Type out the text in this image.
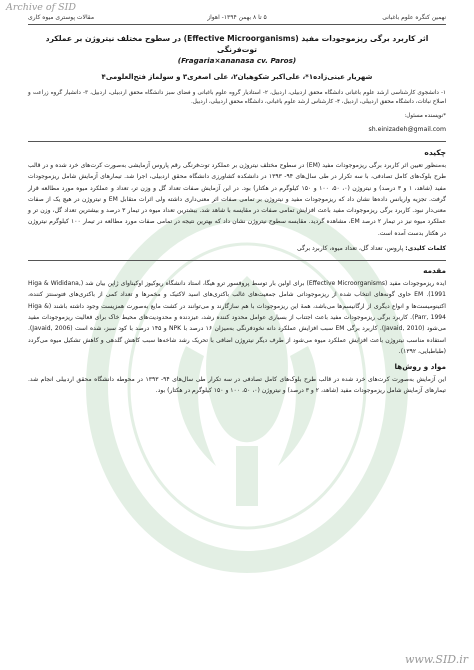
Archive of SID
نهمین کنگره علوم باغبانی
۵ تا ۸ بهمن ۱۳۹۴- اهواز
مقالات پوستری میوه کاری
اثر کاربرد برگی ریزموجودات مفید (Effective Microorganisms) در سطوح مختلف نیتروژن بر عملکرد توت‌فرنگی
(Fragaria×ananasa cv. Paros)
شهریار عینی‌زاده۱*، علی‌اکبر شکوهیان۲، علی اصغری۳ و سولماز فتح‌العلومی۴
۱- دانشجوی کارشناسی ارشد علوم باغبانی دانشگاه محقق اردبیلی، اردبیل، ۲- استادیار گروه علوم باغبانی و فضای سبز دانشگاه محقق اردبیلی، اردبیل، ۳- دانشیار گروه زراعت و اصلاح نباتات، دانشگاه محقق اردبیلی، اردبیل، ۴- کارشناس ارشد علوم باغبانی، دانشگاه محقق اردبیلی، اردبیل.
*نویسنده مسئول:
sh.einizadeh@gmail.com
چکیده
به‌منظور تعیین اثر کاربرد برگی ریزموجودات مفید (EM) در سطوح مختلف نیتروژن بر عملکرد توت‌فرنگی رقم پاروس آزمایشی به‌صورت کرت‌های خرد شده و در قالب طرح بلوک‌های کامل تصادفی، با سه تکرار در طی سال‌های ۹۴- ۱۳۹۳ در دانشکده کشاورزی دانشگاه محقق اردبیلی، اجرا شد. تیمارهای آزمایش شامل ریزموجودات مفید (شاهد، ۱ و ۳ درصد) و نیتروژن (۰، ۵۰، ۱۰۰ و ۱۵۰ کیلوگرم در هکتار) بود. در این آزمایش صفات تعداد گل و وزن تر، تعداد و عملکرد میوه مورد مطالعه قرار گرفت. تجزیه واریانس داده‌ها نشان داد که ریزموجودات مفید و نیتروژن بر تمامی صفات اثر معنی‌داری داشته ولی اثرات متقابل EM و نیتروژن در هیچ یک از صفات معنی‌دار نبود. کاربرد برگی ریزموجودات مفید باعث افزایش تمامی صفات در مقایسه با شاهد شد. بیشترین تعداد میوه در تیمار ۳ درصد و بیشترین تعداد گل، وزن تر و عملکرد میوه نیز در تیمار ۲ درصد EM، مشاهده گردید. مقایسه سطوح نیتروژن نشان داد که بهترین نتیجه در تمامی صفات مورد مطالعه در تیمار ۱۰۰ کیلوگرم نیتروژن در هکتار بدست آمده است.
کلمات کلیدی: پاروس، تعداد گل، تعداد میوه، کاربرد برگی
مقدمه
ایده ریزموجودات مفید (Effective Microorganisms) برای اولین بار توسط پروفسور ترو هیگا، استاد دانشگاه ریوکیوز اوکیناوای ژاپن بیان شد (Higa & Wididana, 1991). EM حاوی گونه‌های انتخاب شده از ریزموجوداتی شامل جمعیت‌های غالب باکتری‌های اسید لاکتیک و مخمرها و تعداد کمی از باکتری‌های فتوسنتز کننده، اکتینومیست‌ها و انواع دیگری از ارگانیسم‌ها می‌باشد، همهٔ این ریزموجودات با هم سازگارند و می‌توانند در کشت مایع به‌صورت همزیست وجود داشته باشند (Higa & Parr, 1994). کاربرد برگی ریزموجودات مفید باعث اجتناب از بسیاری عوامل محدود کننده رشد، عیزدنده و محدودیت‌های محیط خاک برای فعالیت ریزموجودات مفید می‌شود (Javaid, 2010). کاربرد برگی EM سبب افزایش عملکرد دانه نخودفرنگی به‌میزان ۱۶ درصد با NPK و ۱۴۵ درصد با کود سبز، شده است (Javaid, 2006). استفاده مناسب نیتروژن باعث افزایش عملکرد میوه می‌شود از طرف دیگر نیتروژن اضافی با تحریک رشد شاخه‌ها سبب کاهش گلدهی و کاهش تشکیل میوه می‌گردد (طباطبایی، ۱۳۹۲).
مواد و روش‌ها
این آزمایش به‌صورت کرت‌های خرد شده در قالب طرح بلوک‌های کامل تصادفی در سه تکرار طی سال‌های ۹۴- ۱۳۹۳ در محوطه دانشگاه محقق اردبیلی انجام شد. تیمارهای آزمایش شامل ریزموجودات مفید (شاهد، ۲ و ۳ درصد) و نیتروژن (۰، ۵۰، ۱۰۰ و ۱۵۰ کیلوگرم در هکتار) بود.
www.SID.ir
